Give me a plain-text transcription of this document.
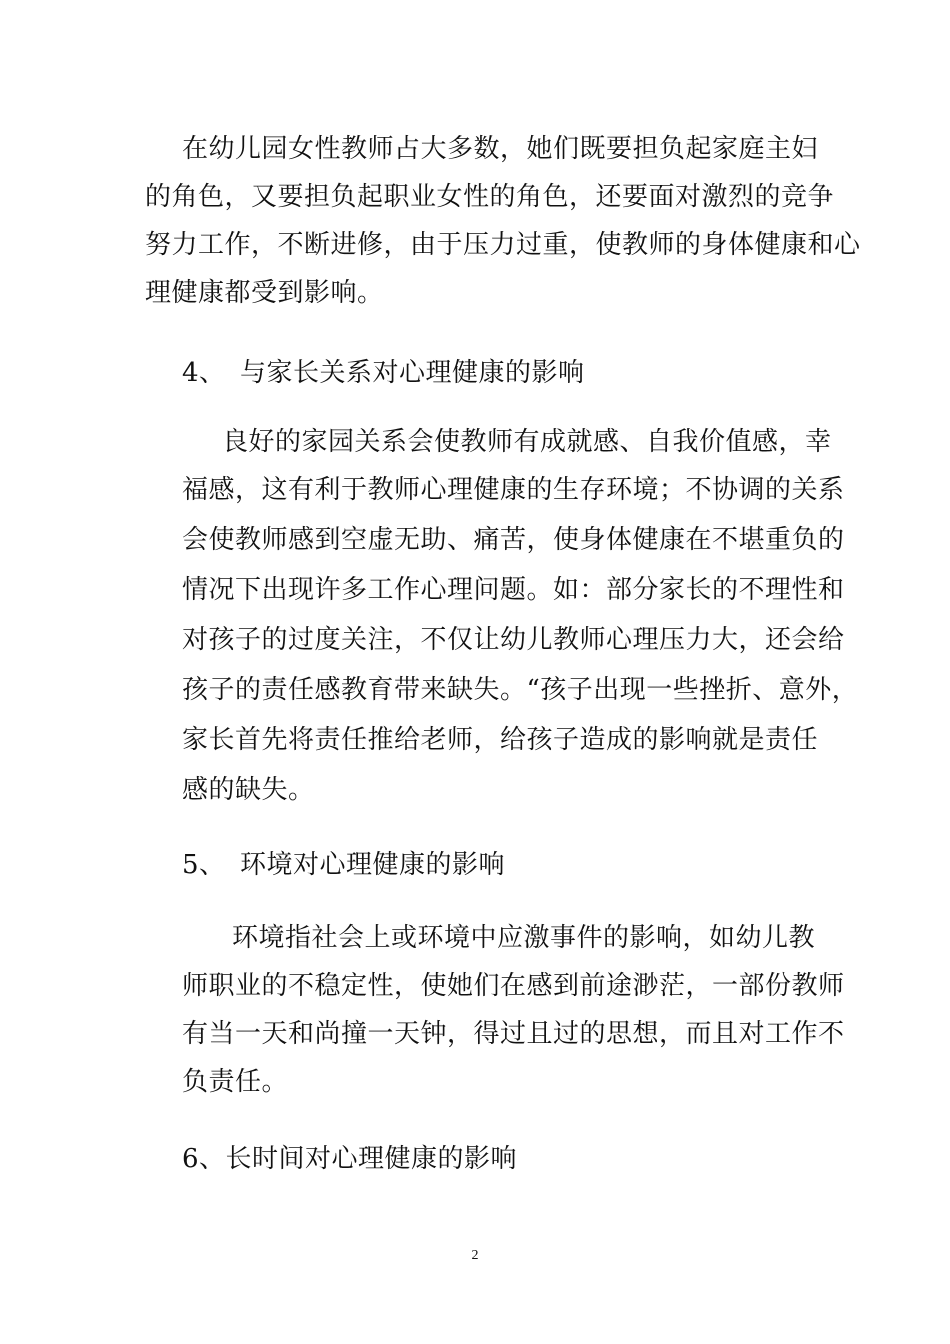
在幼儿园女性教师占大多数，她们既要担负起家庭主妇
的角色，又要担负起职业女性的角色，还要面对激烈的竞争
努力工作，不断进修，由于压力过重，使教师的身体健康和心
理健康都受到影响。
4、 与家长关系对心理健康的影响
良好的家园关系会使教师有成就感、自我价值感，幸
福感，这有利于教师心理健康的生存环境；不协调的关系
会使教师感到空虚无助、痛苦，使身体健康在不堪重负的
情况下出现许多工作心理问题。如：部分家长的不理性和
对孩子的过度关注，不仅让幼儿教师心理压力大，还会给
孩子的责任感教育带来缺失。“孩子出现一些挫折、意外，
家长首先将责任推给老师，给孩子造成的影响就是责任
感的缺失。
5、 环境对心理健康的影响
环境指社会上或环境中应激事件的影响，如幼儿教
师职业的不稳定性，使她们在感到前途渺茫，一部份教师
有当一天和尚撞一天钟，得过且过的思想，而且对工作不
负责任。
6、长时间对心理健康的影响
2
